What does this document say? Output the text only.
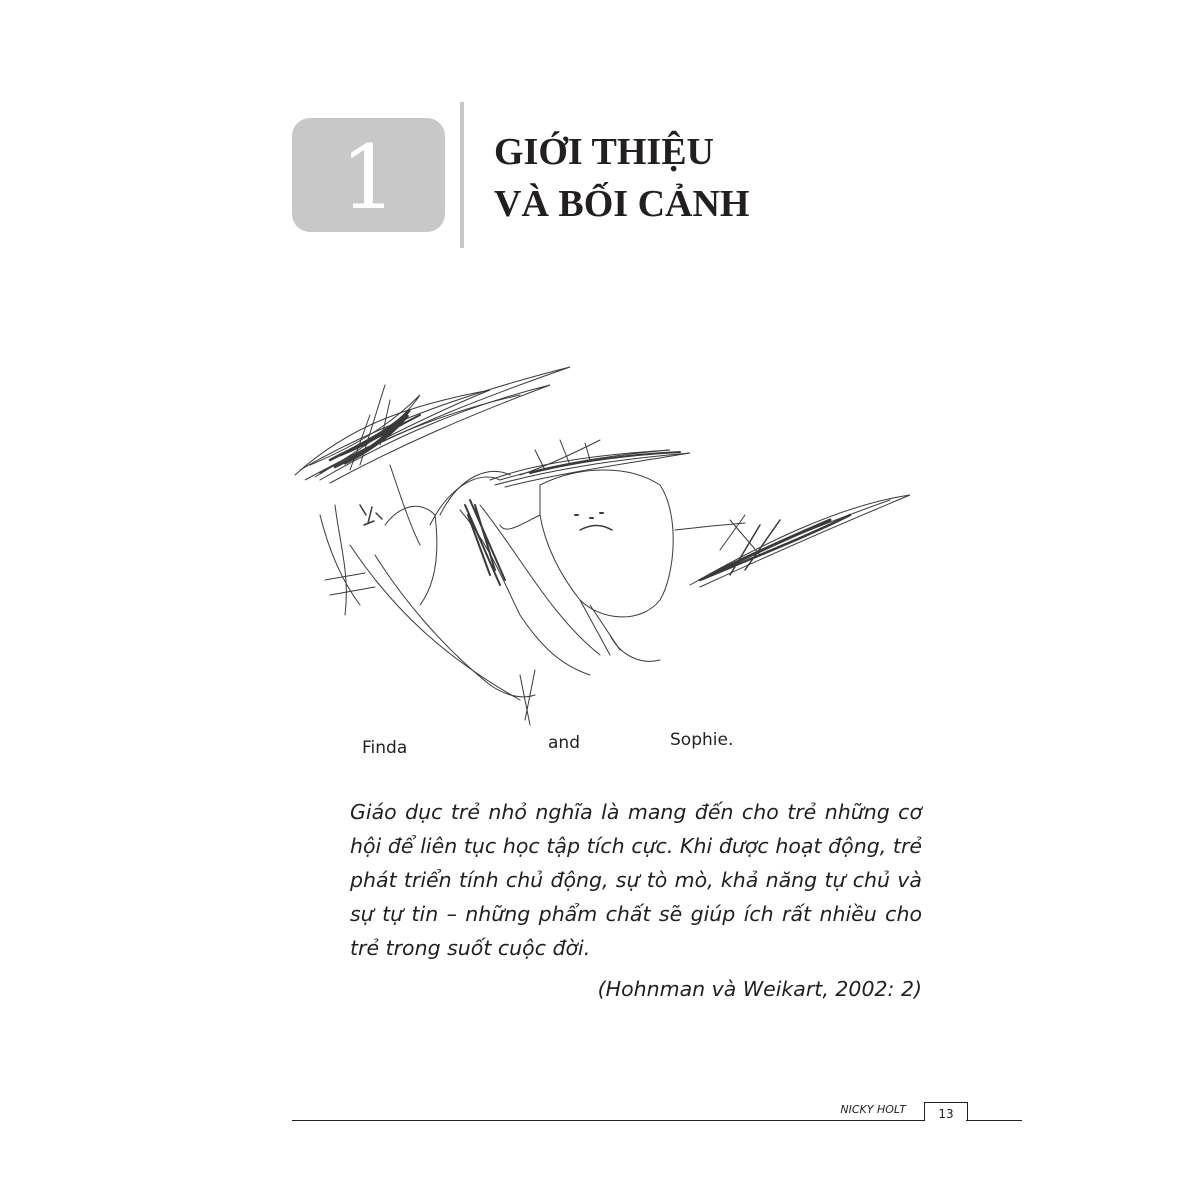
1	GIỚI THIỆU
VÀ BỐI CẢNH
Finda	and	Sophie.
Giáo dục trẻ nhỏ nghĩa là mang đến cho trẻ những cơ hội để liên tục học tập tích cực. Khi được hoạt động, trẻ phát triển tính chủ động, sự tò mò, khả năng tự chủ và sự tự tin – những phẩm chất sẽ giúp ích rất nhiều cho trẻ trong suốt cuộc đời.
(Hohnman và Weikart, 2002: 2)
NICKY HOLT	13
